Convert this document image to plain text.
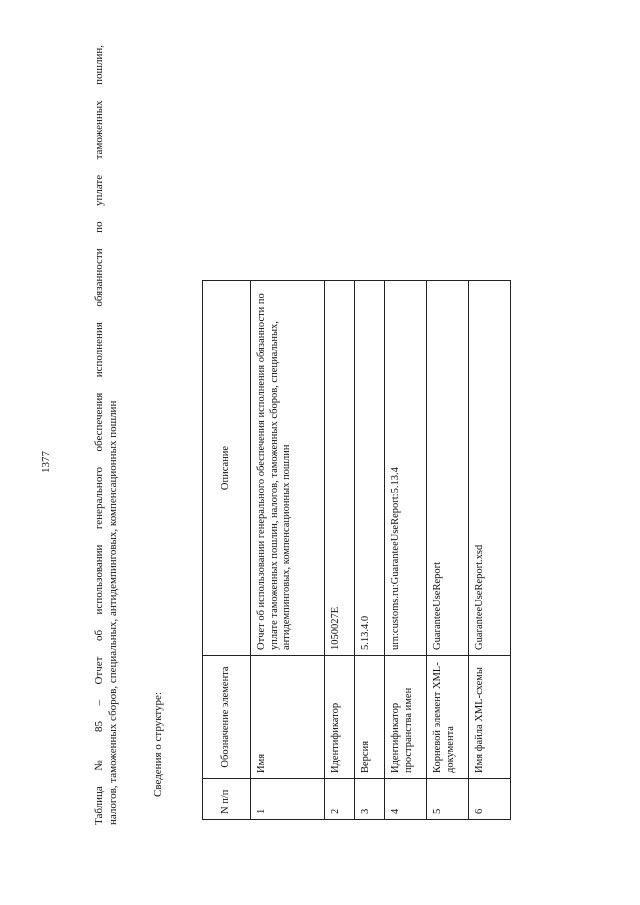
1377	Таблица № 85 – Отчет об использовании генерального обеспечения исполнения обязанности по уплате таможенных пошлин, налогов, таможенных сборов, специальных, антидемпинговых, компенсационных пошлин	Сведения о структуре:
N п/п	Обозначение элемента	Описание
1	Имя	Отчет об использовании генерального обеспечения исполнения обязанности по уплате таможенных пошлин, налогов, таможенных сборов, специальных, антидемпинговых, компенсационных пошлин
2	Идентификатор	1050027E
3	Версия	5.13.4.0
4	Идентификатор пространства имен	urn:customs.ru:GuaranteeUseReport:5.13.4
5	Корневой элемент XML-документа	GuaranteeUseReport
6	Имя файла XML-схемы	GuaranteeUseReport.xsd
